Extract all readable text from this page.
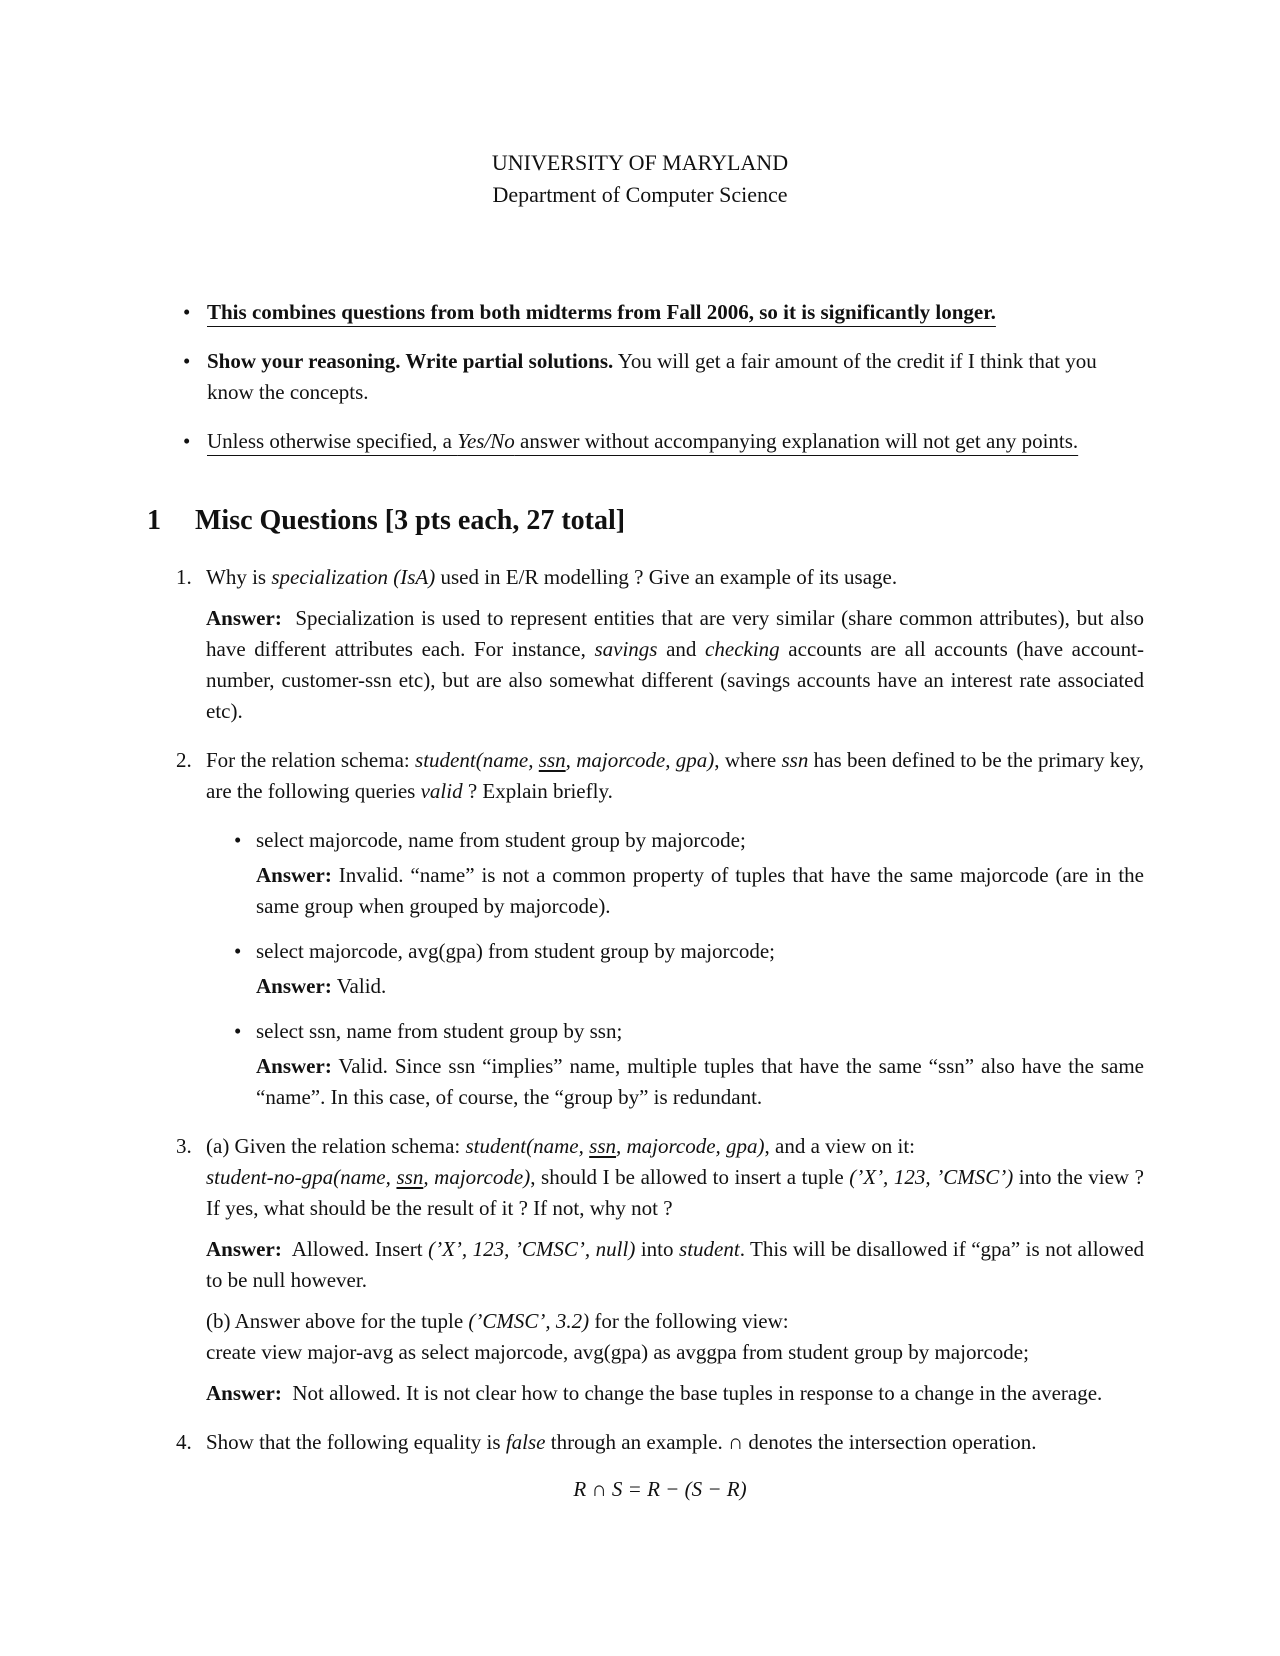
UNIVERSITY OF MARYLAND
Department of Computer Science
• This combines questions from both midterms from Fall 2006, so it is significantly longer.
• Show your reasoning. Write partial solutions. You will get a fair amount of the credit if I think that you know the concepts.
• Unless otherwise specified, a Yes/No answer without accompanying explanation will not get any points.
1 Misc Questions [3 pts each, 27 total]
1. Why is specialization (IsA) used in E/R modelling ? Give an example of its usage.
Answer: Specialization is used to represent entities that are very similar (share common attributes), but also have different attributes each. For instance, savings and checking accounts are all accounts (have account-number, customer-ssn etc), but are also somewhat different (savings accounts have an interest rate associated etc).
2. For the relation schema: student(name, ssn, majorcode, gpa), where ssn has been defined to be the primary key, are the following queries valid ? Explain briefly.
• select majorcode, name from student group by majorcode;
Answer: Invalid. “name” is not a common property of tuples that have the same majorcode (are in the same group when grouped by majorcode).
• select majorcode, avg(gpa) from student group by majorcode;
Answer: Valid.
• select ssn, name from student group by ssn;
Answer: Valid. Since ssn “implies” name, multiple tuples that have the same “ssn” also have the same “name”. In this case, of course, the “group by” is redundant.
3. (a) Given the relation schema: student(name, ssn, majorcode, gpa), and a view on it:
student-no-gpa(name, ssn, majorcode), should I be allowed to insert a tuple (’X’, 123, ’CMSC’) into the view ? If yes, what should be the result of it ? If not, why not ?
Answer: Allowed. Insert (’X’, 123, ’CMSC’, null) into student. This will be disallowed if “gpa” is not allowed to be null however.
(b) Answer above for the tuple (’CMSC’, 3.2) for the following view:
create view major-avg as select majorcode, avg(gpa) as avggpa from student group by majorcode;
Answer: Not allowed. It is not clear how to change the base tuples in response to a change in the average.
4. Show that the following equality is false through an example. ∩ denotes the intersection operation.
R ∩ S = R − (S − R)
